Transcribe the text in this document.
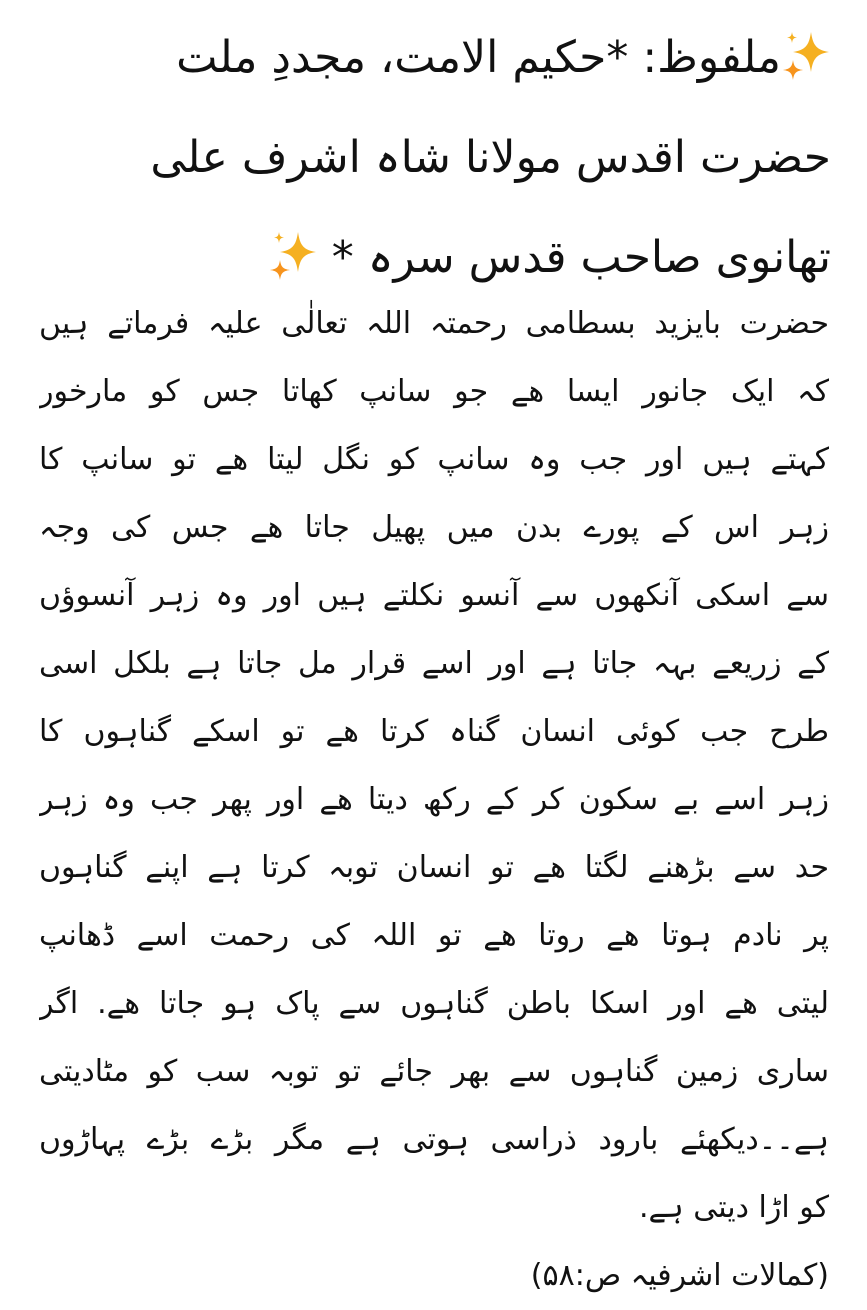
ملفوظ: *حکیم الامت، مجددِ ملت
حضرت اقدس مولانا شاہ اشرف علی
تھانوی صاحب قدس سرہ *
حضرت بایزید بسطامی رحمتہ اللہ تعالٰی علیہ فرماتے ہیں
کہ ایک جانور ایسا ھے جو سانپ کھاتا جس کو مارخور
کہتے ہیں اور جب وہ سانپ کو نگل لیتا ھے تو سانپ کا
زہر اس کے پورے بدن میں پھیل جاتا ھے جس کی وجہ
سے اسکی آنکھوں سے آنسو نکلتے ہیں اور وہ زہر آنسوؤں
کے زریعے بہہ جاتا ہے اور اسے قرار مل جاتا ہے بلکل اسی
طرح جب کوئی انسان گناہ کرتا ھے تو اسکے گناہوں کا
زہر اسے بے سکون کر کے رکھ دیتا ھے اور پھر جب وہ زہر
حد سے بڑھنے لگتا ھے تو انسان توبہ کرتا ہے اپنے گناہوں
پر نادم ہوتا ھے روتا ھے تو اللہ کی رحمت اسے ڈھانپ
لیتی ھے اور اسکا باطن گناہوں سے پاک ہو جاتا ھے. اگر
ساری زمین گناہوں سے بھر جائے تو توبہ سب کو مٹادیتی
ہے۔۔دیکھئے بارود ذراسی ہوتی ہے مگر بڑے بڑے پہاڑوں
کو اڑا دیتی ہے.
(کمالات اشرفیہ ص:۵۸)
